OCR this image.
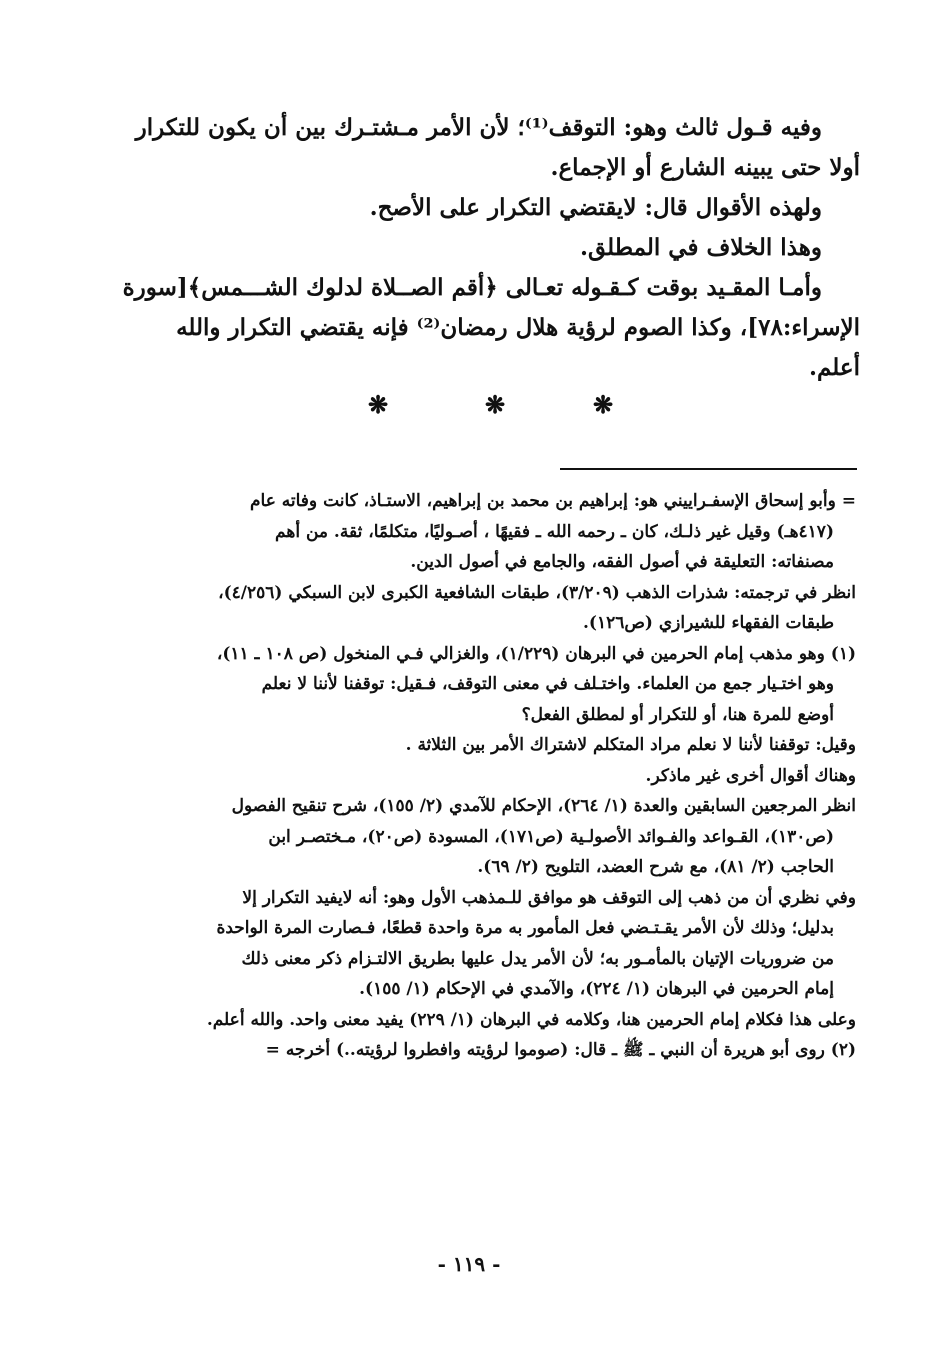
وفيه قـول ثالث وهو: التوقف⁽¹⁾؛ لأن الأمر مـشتـرك بين أن يكون للتكرار

أولا حتى يبينه الشارع أو الإجماع.

ولهذه الأقوال قال: لايقتضي التكرار على الأصح.

وهذا الخلاف في المطلق.

وأمـا المقـيد بوقت كـقـوله تعـالى ﴿أقم الصــلاة لدلوك الشـــمس﴾[سورة

الإسراء:٧٨]، وكذا الصوم لرؤية هلال رمضان⁽²⁾ فإنه يقتضي التكرار والله أعلم.

❋
❋
❋

= وأبو إسحاق الإسفـراييني هو: إبراهيم بن محمد بن إبراهيم، الاستـاذ، كانت وفاته عام

(٤١٧هـ) وقيل غير ذلـك، كان ـ رحمه الله ـ فقيهًا ، أصـوليًا، متكلمًا، ثقة. من أهم

مصنفاته: التعليقة في أصول الفقه، والجامع في أصول الدين.

انظر في ترجمته: شذرات الذهب (٣/٢٠٩)، طبقات الشافعية الكبرى لابن السبكي (٤/٢٥٦)،

طبقات الفقهاء للشيرازي (ص١٢٦).

(١) وهو مذهب إمام الحرمين في البرهان (١/٢٢٩)، والغزالي فـي المنخول (ص ١٠٨ ـ ١١)،

وهو اختـيار جمع من العلماء. واختـلف في معنى التوقف، فـقيل: توقفنا لأننا لا نعلم

أوضع للمرة هنا، أو للتكرار أو لمطلق الفعل؟

وقيل: توقفنا لأننا لا نعلم مراد المتكلم لاشتراك الأمر بين الثلاثة .

وهناك أقوال أخرى غير ماذكر.

انظر المرجعين السابقين والعدة (١/ ٢٦٤)، الإحكام للآمدي (٢/ ١٥٥)، شرح تنقيح الفصول

(ص١٣٠)، القـواعد والفـوائد الأصولـية (ص١٧١)، المسودة (ص٢٠)، مـختصـر ابن

الحاجب (٢/ ٨١)، مع شرح العضد، التلويح (٢/ ٦٩).

وفي نظري أن من ذهب إلى التوقف هو موافق للـمذهب الأول وهو: أنه لايفيد التكرار إلا

بدليل؛ وذلك لأن الأمر يقـتـضي فعل المأمور به مرة واحدة قطعًا، فـصارت المرة الواحدة

من ضروريات الإتيان بالمأمـور به؛ لأن الأمر يدل عليها بطريق الالتـزام ذكر معنى ذلك

إمام الحرمين في البرهان (١/ ٢٢٤)، والآمدي في الإحكام (١/ ١٥٥).

وعلى هذا فكلام إمام الحرمين هنا، وكلامه في البرهان (١/ ٢٢٩) يفيد معنى واحد. والله أعلم.

(٢) روى أبو هريرة أن النبي ـ ﷺ ـ قال: (صوموا لرؤيته وافطروا لرؤيته..) أخرجه =

- ١١٩ -
